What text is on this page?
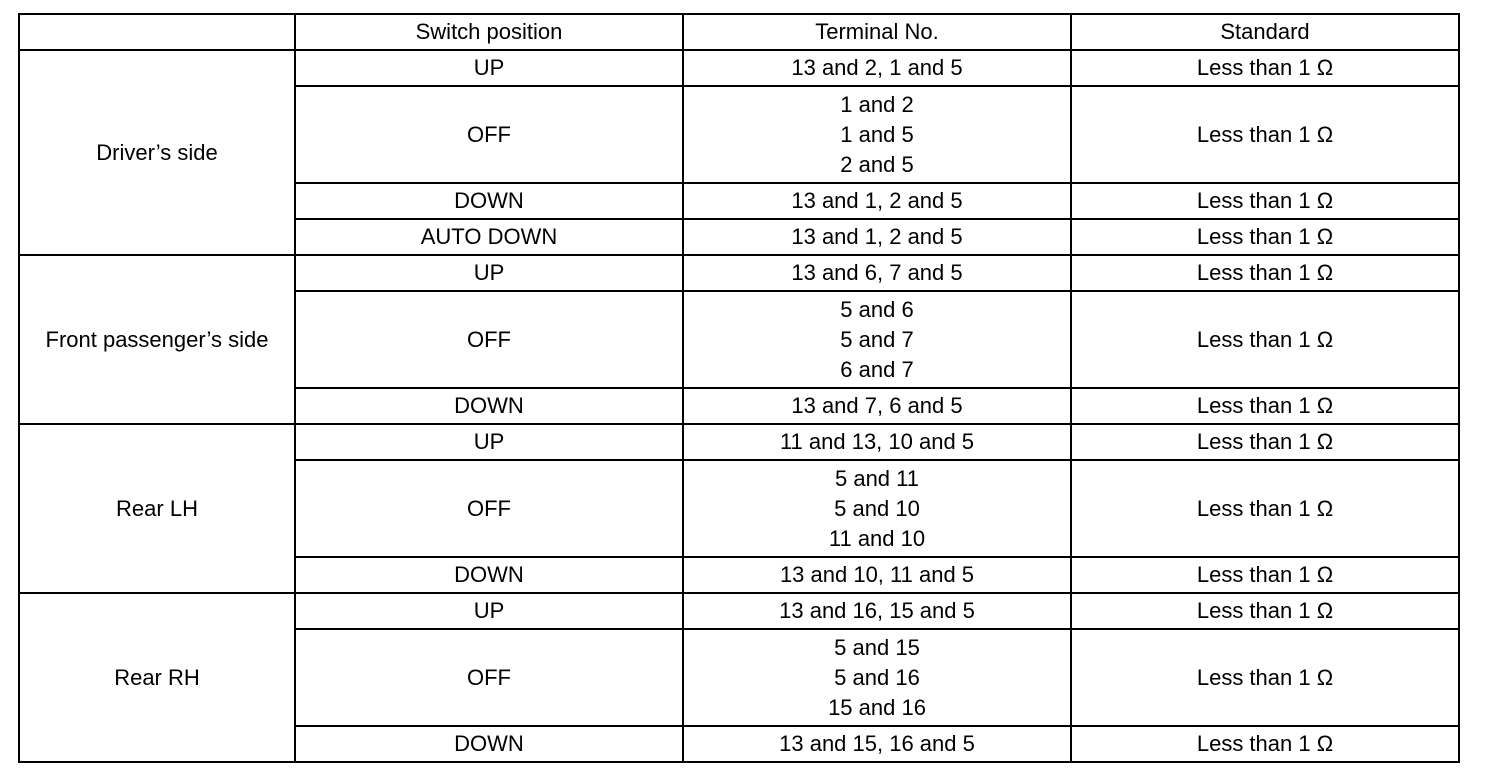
	Switch position	Terminal No.	Standard
Driver’s side	UP	13 and 2, 1 and 5	Less than 1 Ω
	OFF	1 and 2
1 and 5
2 and 5	Less than 1 Ω
	DOWN	13 and 1, 2 and 5	Less than 1 Ω
	AUTO DOWN	13 and 1, 2 and 5	Less than 1 Ω
Front passenger’s side	UP	13 and 6, 7 and 5	Less than 1 Ω
	OFF	5 and 6
5 and 7
6 and 7	Less than 1 Ω
	DOWN	13 and 7, 6 and 5	Less than 1 Ω
Rear LH	UP	11 and 13, 10 and 5	Less than 1 Ω
	OFF	5 and 11
5 and 10
11 and 10	Less than 1 Ω
	DOWN	13 and 10, 11 and 5	Less than 1 Ω
Rear RH	UP	13 and 16, 15 and 5	Less than 1 Ω
	OFF	5 and 15
5 and 16
15 and 16	Less than 1 Ω
	DOWN	13 and 15, 16 and 5	Less than 1 Ω
